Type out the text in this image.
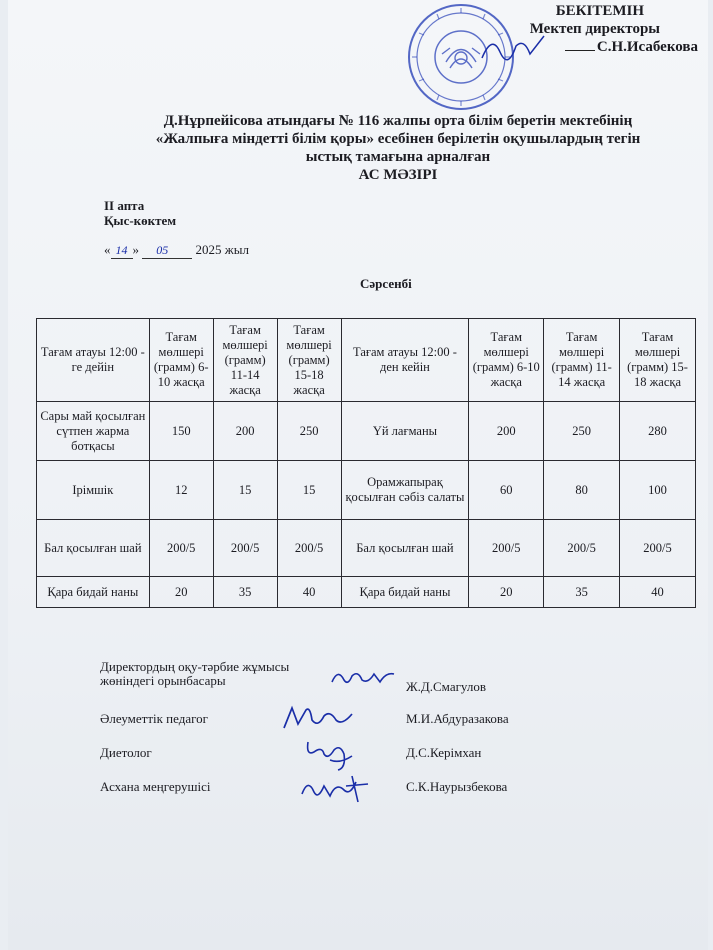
БЕКІТЕМІН
Мектеп директоры
С.Н.Исабекова
Д.Нұрпейісова атындағы № 116 жалпы орта білім беретін мектебінің
«Жалпыға міндетті білім қоры» есебінен берілетін оқушылардың тегін
ыстық тамағына арналған
АС МӘЗІРІ
ІІ апта
Қыс-көктем
« 14 » 05 2025 жыл
Сәрсенбі
Тағам атауы 12:00 - ге дейін	Тағам мөлшері (грамм) 6-10 жасқа	Тағам мөлшері (грамм) 11-14 жасқа	Тағам мөлшері (грамм) 15-18 жасқа	Тағам атауы 12:00 - ден кейін	Тағам мөлшері (грамм) 6-10 жасқа	Тағам мөлшері (грамм) 11-14 жасқа	Тағам мөлшері (грамм) 15-18 жасқа
Сары май қосылған сүтпен жарма ботқасы	150	200	250	Үй лағманы	200	250	280
Ірімшік	12	15	15	Орамжапырақ қосылған сәбіз салаты	60	80	100
Бал қосылған шай	200/5	200/5	200/5	Бал қосылған шай	200/5	200/5	200/5
Қара бидай наны	20	35	40	Қара бидай наны	20	35	40
Директордың оқу-тәрбие жұмысы жөніндегі орынбасары	Ж.Д.Смагулов
Әлеуметтік педагог	М.И.Абдуразакова
Диетолог	Д.С.Керімхан
Асхана меңгерушісі	С.К.Наурызбекова
